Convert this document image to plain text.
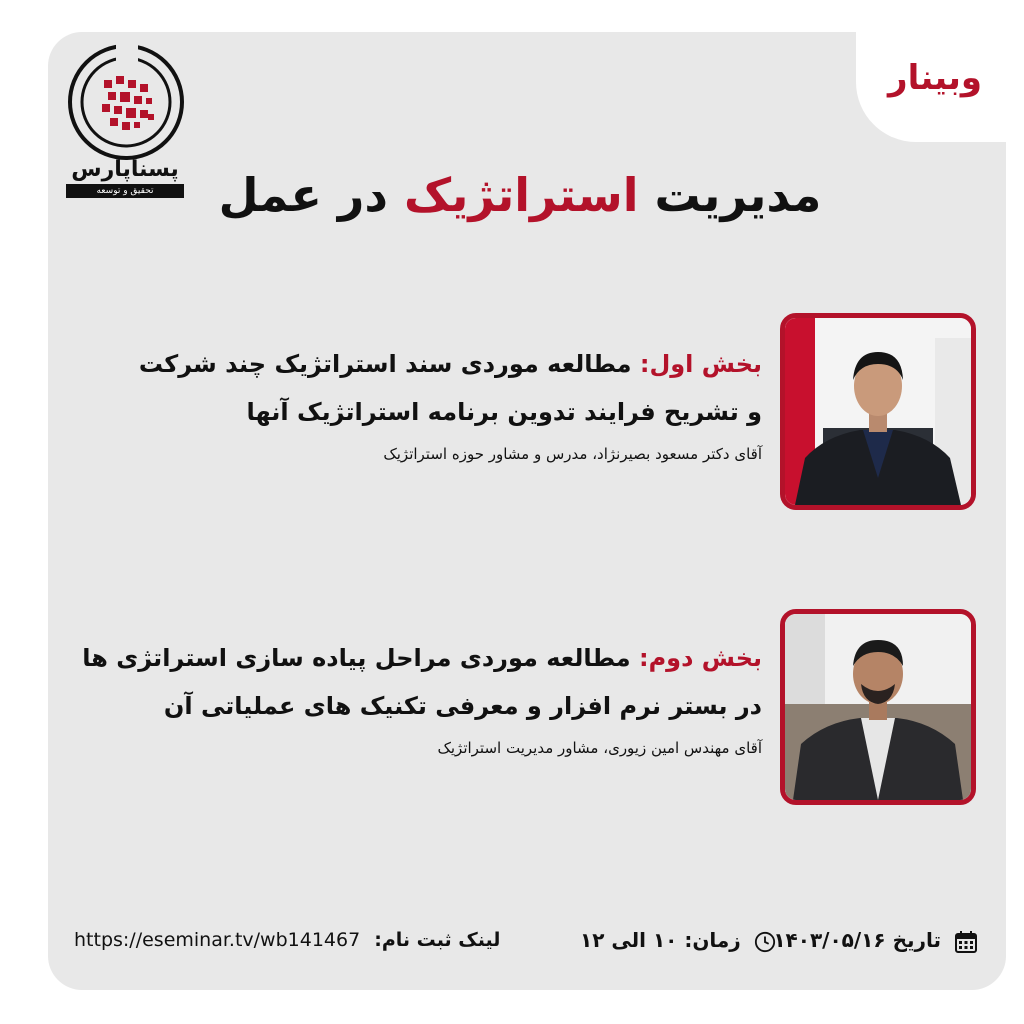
وبینار
پسناپارس
تحقیق و توسعه	مدیریت استراتژیک در عمل
بخش اول: مطالعه موردی سند استراتژیک چند شرکت
و تشریح فرایند تدوین برنامه استراتژیک آنها
آقای دکتر مسعود بصیرنژاد، مدرس و مشاور حوزه استراتژیک
بخش دوم: مطالعه موردی مراحل پیاده سازی استراتژی ها
در بستر نرم افزار و معرفی تکنیک های عملیاتی آن
آقای مهندس امین زیوری، مشاور مدیریت استراتژیک
تاریخ ۱۴۰۳/۰۵/۱۶
زمان: ۱۰ الی ۱۲
https://eseminar.tv/wb141467 لینک ثبت نام:
